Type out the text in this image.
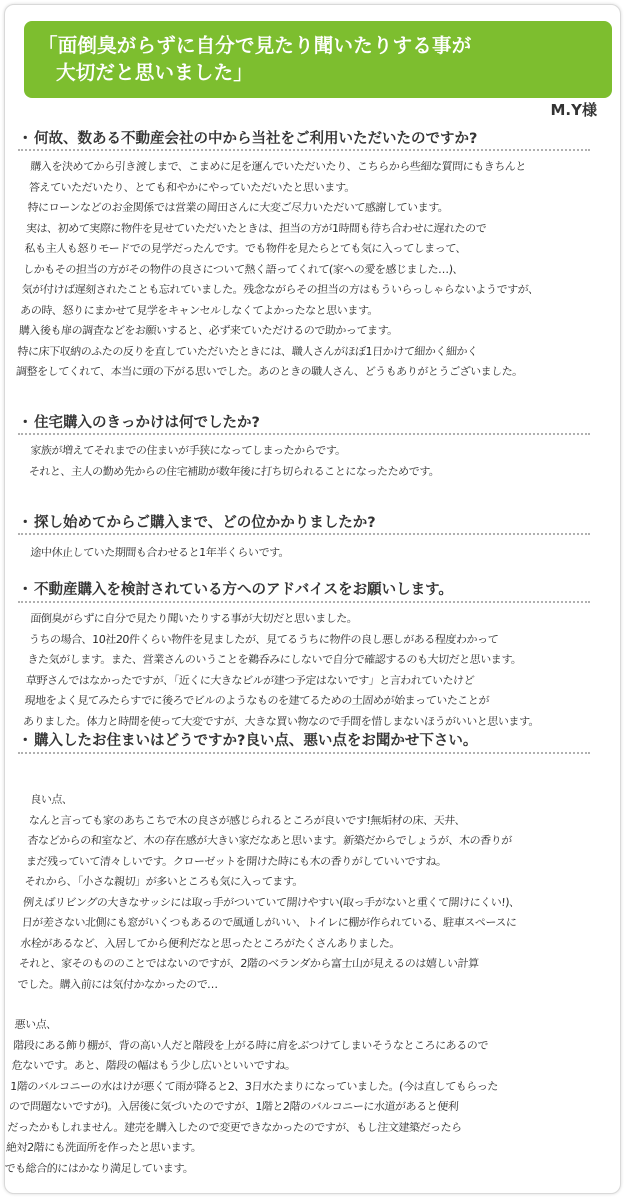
「面倒臭がらずに自分で見たり聞いたりする事が
大切だと思いました」
M.Y様
・ 何故、数ある不動産会社の中から当社をご利用いただいたのですか?
購入を決めてから引き渡しまで、こまめに足を運んでいただいたり、こちらから些細な質問にもきちんと
答えていただいたり、とても和やかにやっていただいたと思います。
特にローンなどのお金関係では営業の岡田さんに大変ご尽力いただいて感謝しています。
実は、初めて実際に物件を見せていただいたときは、担当の方が1時間も待ち合わせに遅れたので
私も主人も怒りモードでの見学だったんです。でも物件を見たらとても気に入ってしまって、
しかもその担当の方がその物件の良さについて熱く語ってくれて(家への愛を感じました…)、
気が付けば遅刻されたことも忘れていました。残念ながらその担当の方はもういらっしゃらないようですが、
あの時、怒りにまかせて見学をキャンセルしなくてよかったなと思います。
購入後も扉の調査などをお願いすると、必ず来ていただけるので助かってます。
特に床下収納のふたの反りを直していただいたときには、職人さんがほぼ1日かけて細かく細かく
調整をしてくれて、本当に頭の下がる思いでした。あのときの職人さん、どうもありがとうございました。
・ 住宅購入のきっかけは何でしたか?
家族が増えてそれまでの住まいが手狭になってしまったからです。
それと、主人の勤め先からの住宅補助が数年後に打ち切られることになったためです。
・ 探し始めてからご購入まで、どの位かかりましたか?
途中休止していた期間も合わせると1年半くらいです。
・ 不動産購入を検討されている方へのアドバイスをお願いします。
面倒臭がらずに自分で見たり聞いたりする事が大切だと思いました。
うちの場合、10社20件くらい物件を見ましたが、見てるうちに物件の良し悪しがある程度わかって
きた気がします。また、営業さんのいうことを鵜呑みにしないで自分で確認するのも大切だと思います。
草野さんではなかったですが、「近くに大きなビルが建つ予定はないです」と言われていたけど
現地をよく見てみたらすでに後ろでビルのようなものを建てるための土固めが始まっていたことが
ありました。体力と時間を使って大変ですが、大きな買い物なので手間を惜しまないほうがいいと思います。
・ 購入したお住まいはどうですか?良い点、悪い点をお聞かせ下さい。
良い点、
なんと言っても家のあちこちで木の良さが感じられるところが良いです!無垢材の床、天井、
杏などからの和室など、木の存在感が大きい家だなあと思います。新築だからでしょうが、木の香りが
まだ残っていて清々しいです。クローゼットを開けた時にも木の香りがしていいですね。
それから、「小さな親切」が多いところも気に入ってます。
例えばリビングの大きなサッシには取っ手がついていて開けやすい(取っ手がないと重くて開けにくい!)、
日が差さない北側にも窓がいくつもあるので風通しがいい、トイレに棚が作られている、駐車スペースに
水栓があるなど、入居してから便利だなと思ったところがたくさんありました。
それと、家そのもののことではないのですが、2階のベランダから富士山が見えるのは嬉しい計算
でした。購入前には気付かなかったので…
悪い点、
階段にある飾り棚が、背の高い人だと階段を上がる時に肩をぶつけてしまいそうなところにあるので
危ないです。あと、階段の幅はもう少し広いといいですね。
1階のバルコニーの水はけが悪くて雨が降ると2、3日水たまりになっていました。(今は直してもらった
ので問題ないですが)。入居後に気づいたのですが、1階と2階のバルコニーに水道があると便利
だったかもしれません。建売を購入したので変更できなかったのですが、もし注文建築だったら
絶対2階にも洗面所を作ったと思います。
でも総合的にはかなり満足しています。
